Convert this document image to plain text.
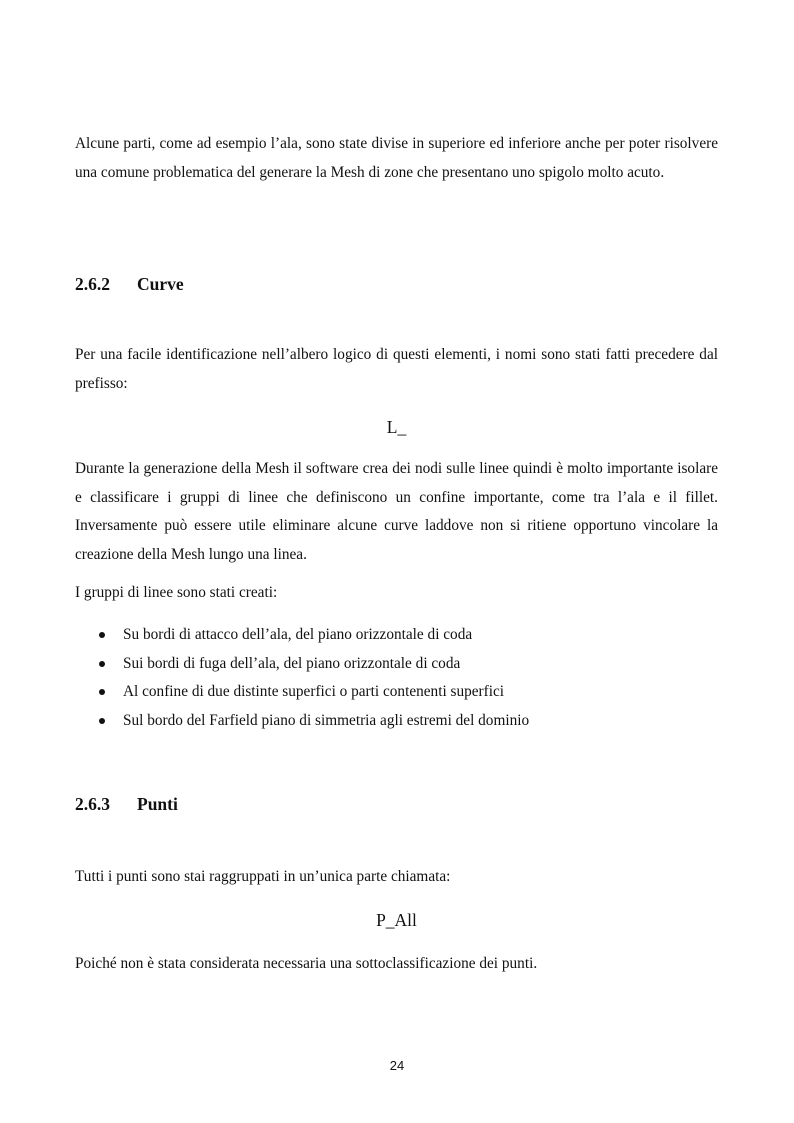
Alcune parti, come ad esempio l’ala, sono state divise in superiore ed inferiore anche per poter risolvere una comune problematica del generare la Mesh di zone che presentano uno spigolo molto acuto.

2.6.2 Curve

Per una facile identificazione nell’albero logico di questi elementi, i nomi sono stati fatti precedere dal prefisso:

L_

Durante la generazione della Mesh il software crea dei nodi sulle linee quindi è molto importante isolare e classificare i gruppi di linee che definiscono un confine importante, come tra l’ala e il fillet. Inversamente può essere utile eliminare alcune curve laddove non si ritiene opportuno vincolare la creazione della Mesh lungo una linea.

I gruppi di linee sono stati creati:

Su bordi di attacco dell’ala, del piano orizzontale di coda
Sui bordi di fuga dell’ala, del piano orizzontale di coda
Al confine di due distinte superfici o parti contenenti superfici
Sul bordo del Farfield piano di simmetria agli estremi del dominio
2.6.3 Punti

Tutti i punti sono stai raggruppati in un’unica parte chiamata:

P_All

Poiché non è stata considerata necessaria una sottoclassificazione dei punti.

24
